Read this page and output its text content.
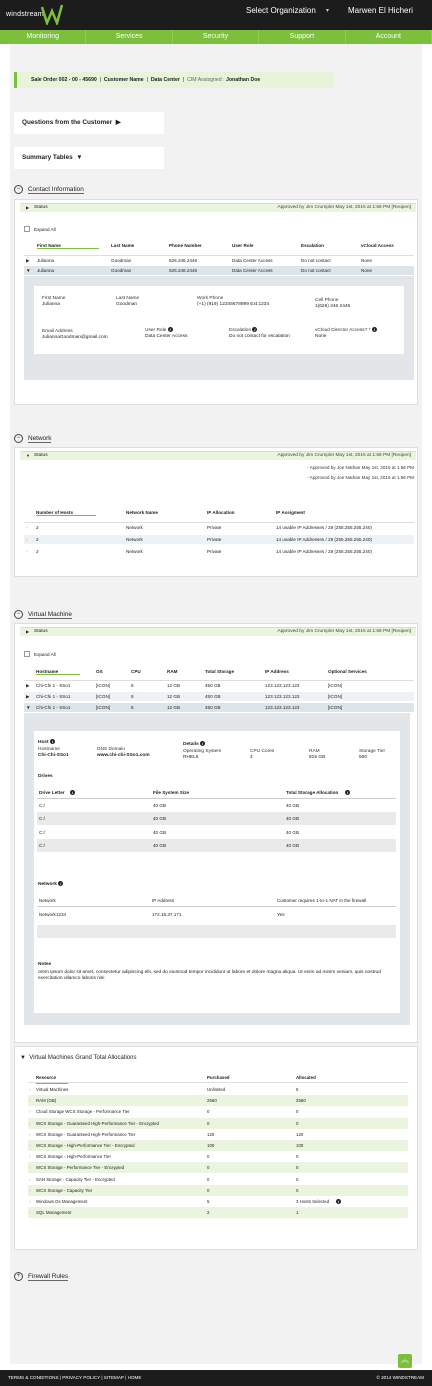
windstream	Select Organization ▾ Marwen El Hicheri
Monitoring	Services	Security	Support	Account
Sale Order 002 - 00 - 45690  |  Customer Name  |  Data Center  |  CIM Assisgned : Jonathan Doe
Questions from the Customer ▶
Summary Tables ▼
−	Contact Information
▶ Status	Approved by Jim Crumpler May 1st, 2015 at 1:56 PM [Reopen]
Expand All
First Name	Last Name	Phone Number	User Role	Escalation	vCloud Access
▶ Julianna	Goodman	626.246.2446	Data Center Access	Do not contact	None
▼ Julianna	Goodman	626.246.2446	Data Center Access	Do not contact	None
First Name
Julianna
Last Name
Goodman
Work Phone
(+1) (919) 12345678999 Ext.1234
Cell Phone
1(626) 246 2446
Email Address
JuliannaGoodman@gmail.com
User Role i
Data Center Access
Escalation i
Do not contact for escalation
vCloud Director Access? * i
None
−	Network
▼ Status	Approved by Jim Crumpler May 1st, 2015 at 1:56 PM [Reopen]
- Approved by Joe Nathan May 1st, 2015 at 1:56 PM
- Approved by Joe Nathan May 1st, 2015 at 1:56 PM
Number of Hosts	Network Name	IP Allocation	IP Assigment
› 2	Network	Private	14 usable IP Addresses / 28 (255.255.255.240)
› 2	Network	Private	14 usable IP Addresses / 28 (255.255.255.240)
› 2	Network	Private	14 usable IP Addresses / 28 (255.255.255.240)
−	Virtual Machine
▶ Status	Approved by Jim Crumpler May 1st, 2015 at 1:56 PM [Reopen]
Expand All
Hostname	OS	CPU	RAM	Total Storage	IP Address	Optional Services
▶ Chi-Chi 1 - SSo1	[ICON]	8	12 GB	450 GB	123.123.123.123	[ICON]
▶ Chi-Chi 1 - SSo1	[ICON]	8	12 GB	450 GB	123.123.123.123	[ICON]
▼ Chi-Chi 1 - SSo1	[ICON]	8	12 GB	450 GB	123.123.123.123	[ICON]
Host i
Hostname
Chi-Chi-SSo1
DNS Domain
www.chi-chi-SSo1.com
Details i
Operating System
RHEL6
CPU Cores
4
RAM
815 GB
Storage Tier
500
Drives
Drive Letter	i	File System Size	Total Storage Allocation	i
C:/	40 GB	40 GB
C:/	40 GB	40 GB
C:/	40 GB	40 GB
C:/	40 GB	40 GB
Network i
Network	IP Address	Customer requires 1-to-1 NAT in the firewall
Network1234	172.18.37.171	Yes
Notes
orem ipsum dolor sit amet, consectetur adipiscing elit, sed do eiusmod tempor incididunt ut labore et dolore magna aliqua. Ut enim ad minim veniam, quis nostrud exercitation ullamco laboris nisi
▼ Virtual Machines Grand Total Allocations
Resource	Purchased	Allocated
› Virtual Machines	Unlimited	5
› RAM (GB)	2560	2560
› Cloud Storage WCS Storage - Performance Tier	0	0
› WCS Storage - Guaranteed High-Performance Tier - Encrypted	0	0
› WCS Storage - Guaranteed High-Performance Tier	120	120
› WCS Storage - High-Performance Tier - Encrypted	100	100
› WCS Storage - High-Performance Tier	0	0
› WCS Storage - Performance Tier - Encrypted	0	0
› SAN Storage - Capacity Tier - Encrypted	0	0
› WCS Storage - Capacity Tier	0	0
› Windows Os Management	5	3 Hosts Selected	i
› SQL Management	2	1
+	Firewall Rules
︽
TERMS & CONDITIONS | PRIVACY POLICY | SITEMAP | HOME	© 2014 WINDSTREAM
